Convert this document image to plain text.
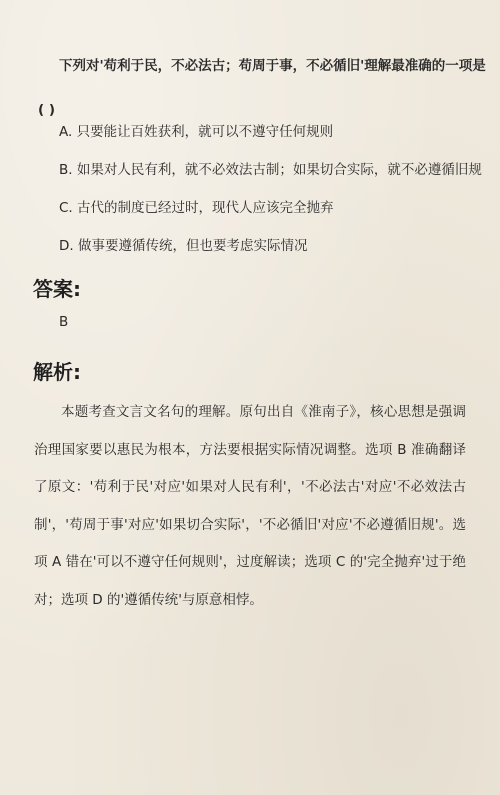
下列对'苟利于民，不必法古；苟周于事，不必循旧'理解最准确的一项是
( )

A. 只要能让百姓获利，就可以不遵守任何规则
B. 如果对人民有利，就不必效法古制；如果切合实际，就不必遵循旧规
C. 古代的制度已经过时，现代人应该完全抛弃
D. 做事要遵循传统，但也要考虑实际情况
答案:
B
解析:

本题考查文言文名句的理解。原句出自《淮南子》，核心思想是强调治理国家要以惠民为根本，方法要根据实际情况调整。选项 B 准确翻译了原文：'苟利于民'对应'如果对人民有利'，'不必法古'对应'不必效法古制'，'苟周于事'对应'如果切合实际'，'不必循旧'对应'不必遵循旧规'。选项 A 错在'可以不遵守任何规则'，过度解读；选项 C 的'完全抛弃'过于绝对；选项 D 的'遵循传统'与原意相悖。
